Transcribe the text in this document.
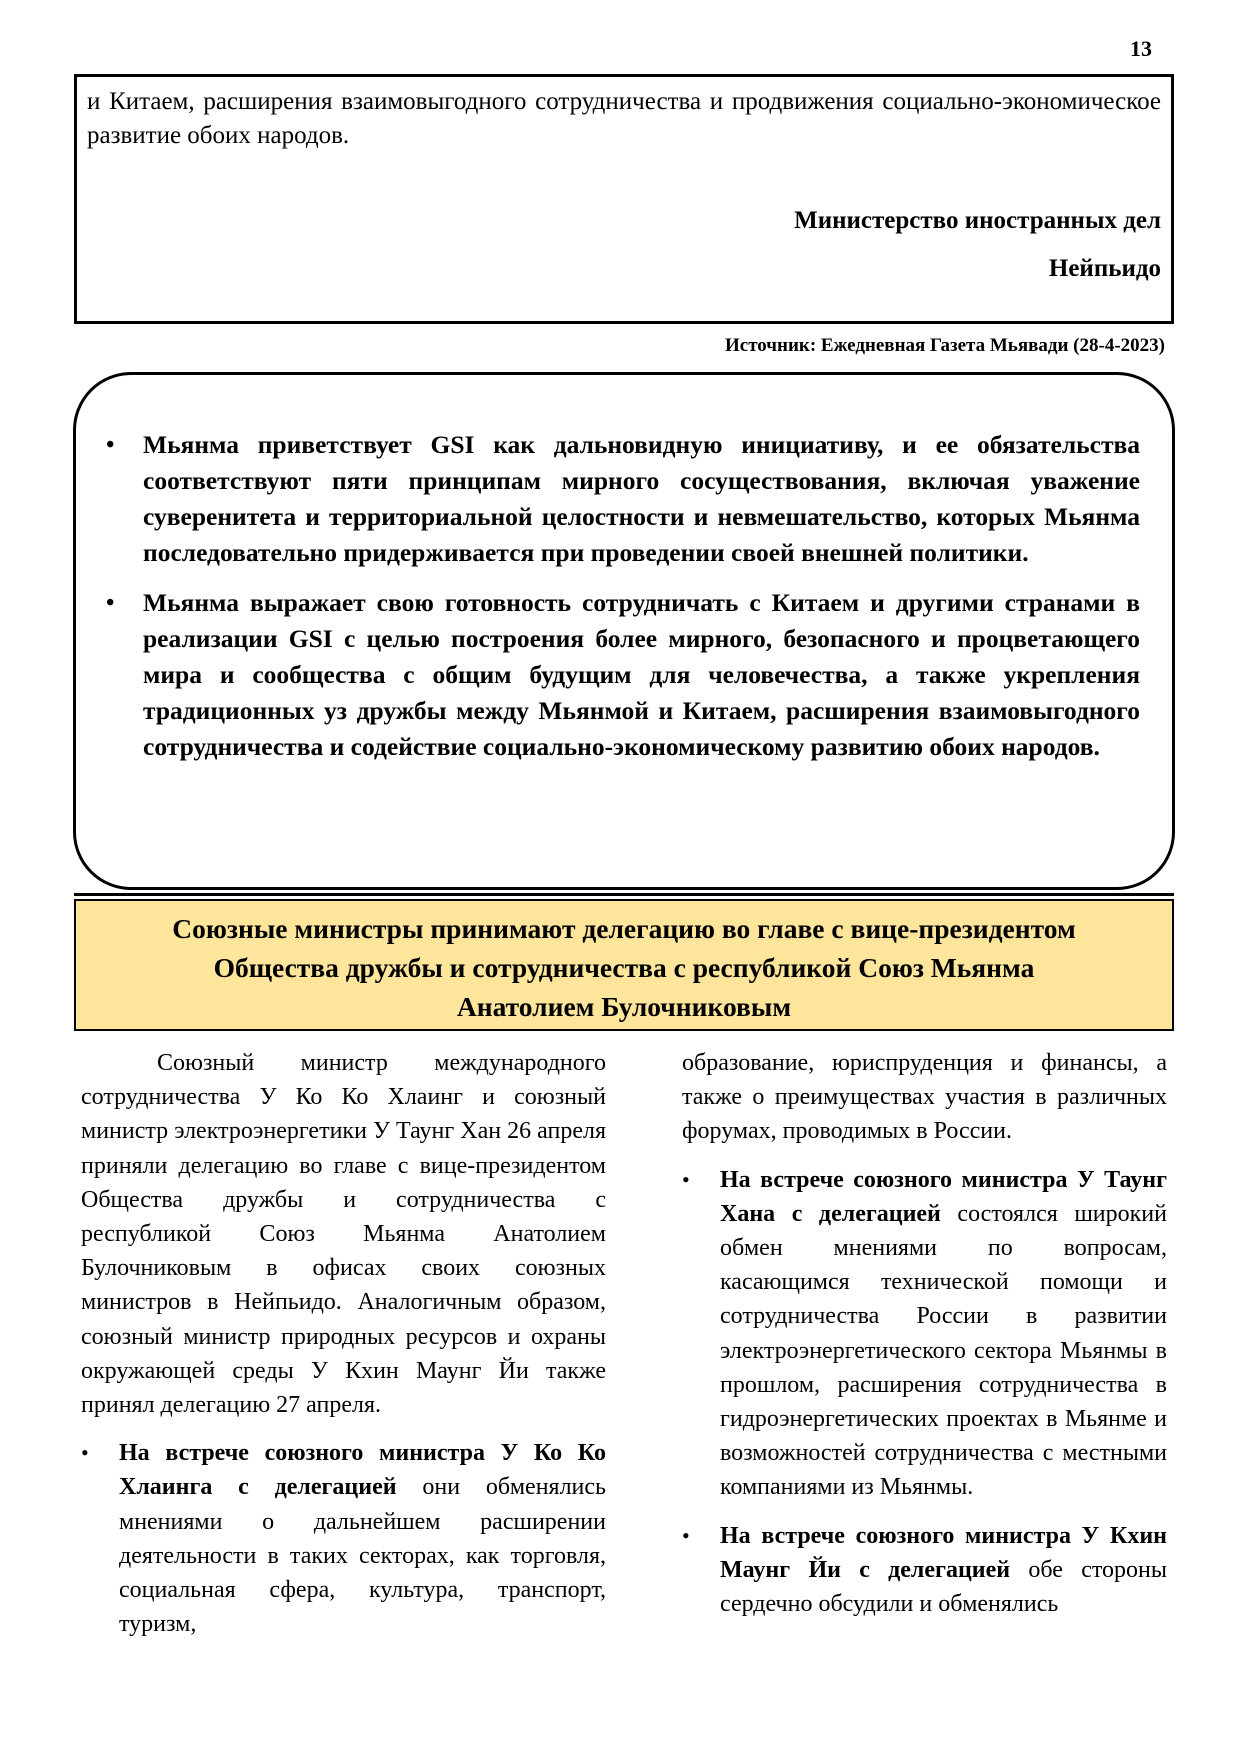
13

и Китаем, расширения взаимовыгодного сотрудничества и продвижения социально-экономическое развитие обоих народов.

Министерство иностранных дел
Нейпьидо
Источник: Ежедневная Газета Мьявади (28-4-2023)
• Мьянма приветствует GSI как дальновидную инициативу, и ее обязательства соответствуют пяти принципам мирного сосуществования, включая уважение суверенитета и территориальной целостности и невмешательство, которых Мьянма последовательно придерживается при проведении своей внешней политики.
• Мьянма выражает свою готовность сотрудничать с Китаем и другими странами в реализации GSI с целью построения более мирного, безопасного и процветающего мира и сообщества с общим будущим для человечества, а также укрепления традиционных уз дружбы между Мьянмой и Китаем, расширения взаимовыгодного сотрудничества и содействие социально-экономическому развитию обоих народов.
Союзные министры принимают делегацию во главе с вице-президентом
Общества дружбы и сотрудничества с республикой Союз Мьянма
Анатолием Булочниковым

Союзный министр международного сотрудничества У Ко Ко Хлаинг и союзный министр электроэнергетики У Таунг Хан 26 апреля приняли делегацию во главе с вице-президентом Общества дружбы и сотрудничества с республикой Союз Мьянма Анатолием Булочниковым в офисах своих союзных министров в Нейпьидо. Аналогичным образом, союзный министр природных ресурсов и охраны окружающей среды У Кхин Маунг Йи также принял делегацию 27 апреля.

• На встрече союзного министра У Ко Ко Хлаинга с делегацией они обменялись мнениями о дальнейшем расширении деятельности в таких секторах, как торговля, социальная сфера, культура, транспорт, туризм,

образование, юриспруденция и финансы, а также о преимуществах участия в различных форумах, проводимых в России.

• На встрече союзного министра У Таунг Хана с делегацией состоялся широкий обмен мнениями по вопросам, касающимся технической помощи и сотрудничества России в развитии электроэнергетического сектора Мьянмы в прошлом, расширения сотрудничества в гидроэнергетических проектах в Мьянме и возможностей сотрудничества с местными компаниями из Мьянмы.
• На встрече союзного министра У Кхин Маунг Йи с делегацией обе стороны сердечно обсудили и обменялись
